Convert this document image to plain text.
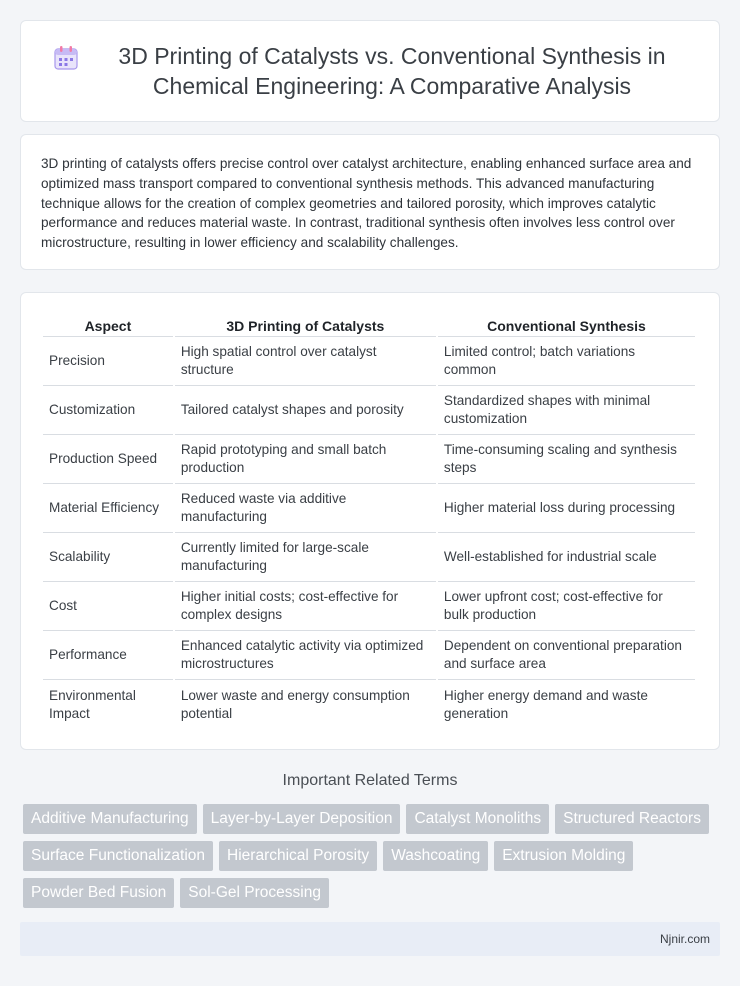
3D Printing of Catalysts vs. Conventional Synthesis in Chemical Engineering: A Comparative Analysis

3D printing of catalysts offers precise control over catalyst architecture, enabling enhanced surface area and optimized mass transport compared to conventional synthesis methods. This advanced manufacturing technique allows for the creation of complex geometries and tailored porosity, which improves catalytic performance and reduces material waste. In contrast, traditional synthesis often involves less control over microstructure, resulting in lower efficiency and scalability challenges.

Aspect	3D Printing of Catalysts	Conventional Synthesis
Precision	High spatial control over catalyst structure	Limited control; batch variations common
Customization	Tailored catalyst shapes and porosity	Standardized shapes with minimal customization
Production Speed	Rapid prototyping and small batch production	Time-consuming scaling and synthesis steps
Material Efficiency	Reduced waste via additive manufacturing	Higher material loss during processing
Scalability	Currently limited for large-scale manufacturing	Well-established for industrial scale
Cost	Higher initial costs; cost-effective for complex designs	Lower upfront cost; cost-effective for bulk production
Performance	Enhanced catalytic activity via optimized microstructures	Dependent on conventional preparation and surface area
Environmental Impact	Lower waste and energy consumption potential	Higher energy demand and waste generation
Important Related Terms
Additive Manufacturing	Layer-by-Layer Deposition	Catalyst Monoliths	Structured Reactors
Surface Functionalization	Hierarchical Porosity	Washcoating	Extrusion Molding
Powder Bed Fusion	Sol-Gel Processing
Njnir.com
